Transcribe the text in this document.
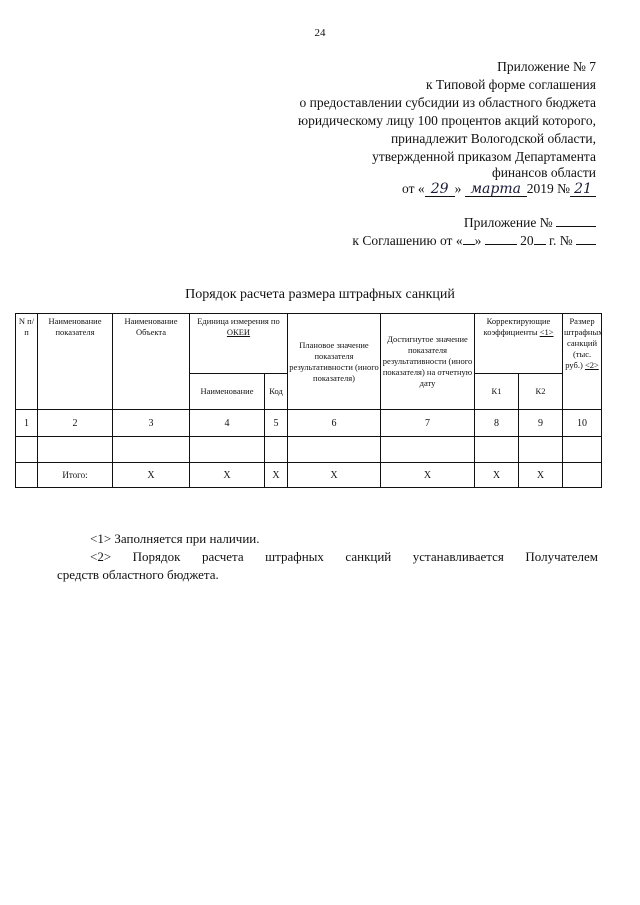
24
Приложение № 7
к Типовой форме соглашения
о предоставлении субсидии из областного бюджета
юридическому лицу 100 процентов акций которого,
принадлежит Вологодской области,
утвержденной приказом Департамента
финансов области
от « 29 » марта 2019 № 21
Приложение №
к Соглашению от « »	20 г. №
Порядок расчета размера штрафных санкций
N п/п	Наименование показателя	Наименование Объекта	Единица измерения по ОКЕИ		Плановое значение показателя результативности (иного показателя)	Достигнутое значение показателя результативности (иного показателя) на отчетную дату	Корректирующие коэффициенты <1>		Размер штрафных санкций (тыс. руб.) <2>
			Наименование	Код			К1	К2	
1	2	3	4	5	6	7	8	9	10

	Итого:	Х	Х	Х	Х	Х	Х	Х	
<1> Заполняется при наличии.
<2> Порядок расчета штрафных санкций устанавливается Получателем
средств областного бюджета.
